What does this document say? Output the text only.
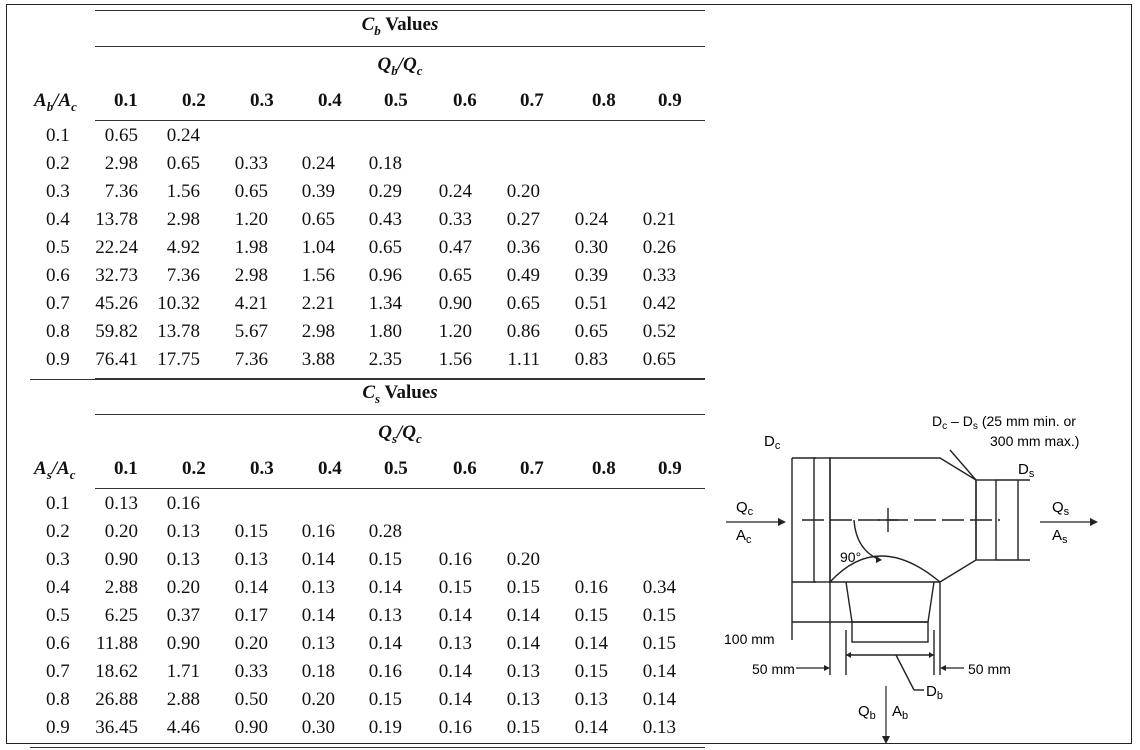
$C_b$ Values
$Q_b/Q_c$
$A_b/A_c$ 0.1 0.2 0.3 0.4 0.5 0.6 0.7	0.8 0.9
0.1	0.65	0.24
0.2	2.98	0.65	0.33	0.24	0.18
0.3	7.36	1.56	0.65	0.39	0.29	0.24	0.20
0.4	13.78	2.98	1.20	0.65	0.43	0.33	0.27	0.24	0.21
0.5	22.24	4.92	1.98	1.04	0.65	0.47	0.36	0.30	0.26
0.6	32.73	7.36	2.98	1.56	0.96	0.65	0.49	0.39	0.33
0.7	45.26	10.32	4.21	2.21	1.34	0.90	0.65	0.51	0.42
0.8	59.82	13.78	5.67	2.98	1.80	1.20	0.86	0.65	0.52
0.9	76.41	17.75	7.36	3.88	2.35	1.56	1.11	0.83	0.65
$C_s$ Values
$Q_s/Q_c$
$A_s/A_c$ 0.1 0.2 0.3 0.4 0.5 0.6 0.7	0.8 0.9
0.1	0.13	0.16
0.2	0.20	0.13	0.15	0.16	0.28
0.3	0.90	0.13	0.13	0.14	0.15	0.16	0.20
0.4	2.88	0.20	0.14	0.13	0.14	0.15	0.15	0.16	0.34
0.5	6.25	0.37	0.17	0.14	0.13	0.14	0.14	0.15	0.15
0.6	11.88	0.90	0.20	0.13	0.14	0.13	0.14	0.14	0.15
0.7	18.62	1.71	0.33	0.18	0.16	0.14	0.13	0.15	0.14
0.8	26.88	2.88	0.50	0.20	0.15	0.14	0.13	0.13	0.14
0.9	36.45	4.46	0.90	0.30	0.19	0.16	0.15	0.14	0.13
$D_c$
$D_c - D_s$ (25 mm min. or
300 mm max.)
$D_s$
$Q_c$
$A_c$
$Q_s$
$A_s$
90°
100 mm
50 mm	50 mm
$D_b$
$Q_b$ $A_b$
